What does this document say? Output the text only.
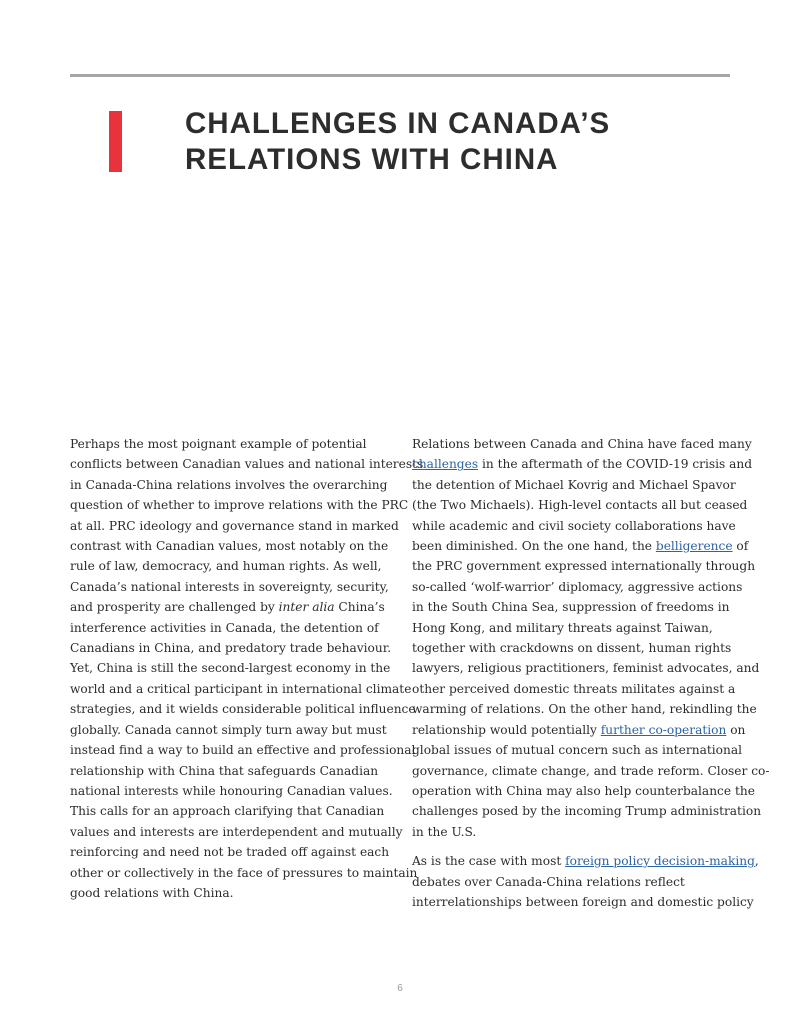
CHALLENGES IN CANADA’S
RELATIONS WITH CHINA
Perhaps the most poignant example of potential
conflicts between Canadian values and national interests
in Canada-China relations involves the overarching
question of whether to improve relations with the PRC
at all. PRC ideology and governance stand in marked
contrast with Canadian values, most notably on the
rule of law, democracy, and human rights. As well,
Canada’s national interests in sovereignty, security,
and prosperity are challenged by inter alia China’s
interference activities in Canada, the detention of
Canadians in China, and predatory trade behaviour.
Yet, China is still the second-largest economy in the
world and a critical participant in international climate
strategies, and it wields considerable political influence
globally. Canada cannot simply turn away but must
instead find a way to build an effective and professional
relationship with China that safeguards Canadian
national interests while honouring Canadian values.
This calls for an approach clarifying that Canadian
values and interests are interdependent and mutually
reinforcing and need not be traded off against each
other or collectively in the face of pressures to maintain
good relations with China.
Relations between Canada and China have faced many
challenges in the aftermath of the COVID-19 crisis and
the detention of Michael Kovrig and Michael Spavor
(the Two Michaels). High-level contacts all but ceased
while academic and civil society collaborations have
been diminished. On the one hand, the belligerence of
the PRC government expressed internationally through
so-called ‘wolf-warrior’ diplomacy, aggressive actions
in the South China Sea, suppression of freedoms in
Hong Kong, and military threats against Taiwan,
together with crackdowns on dissent, human rights
lawyers, religious practitioners, feminist advocates, and
other perceived domestic threats militates against a
warming of relations. On the other hand, rekindling the
relationship would potentially further co-operation on
global issues of mutual concern such as international
governance, climate change, and trade reform. Closer co-
operation with China may also help counterbalance the
challenges posed by the incoming Trump administration
in the U.S.
As is the case with most foreign policy decision-making,
debates over Canada-China relations reflect
interrelationships between foreign and domestic policy
6
